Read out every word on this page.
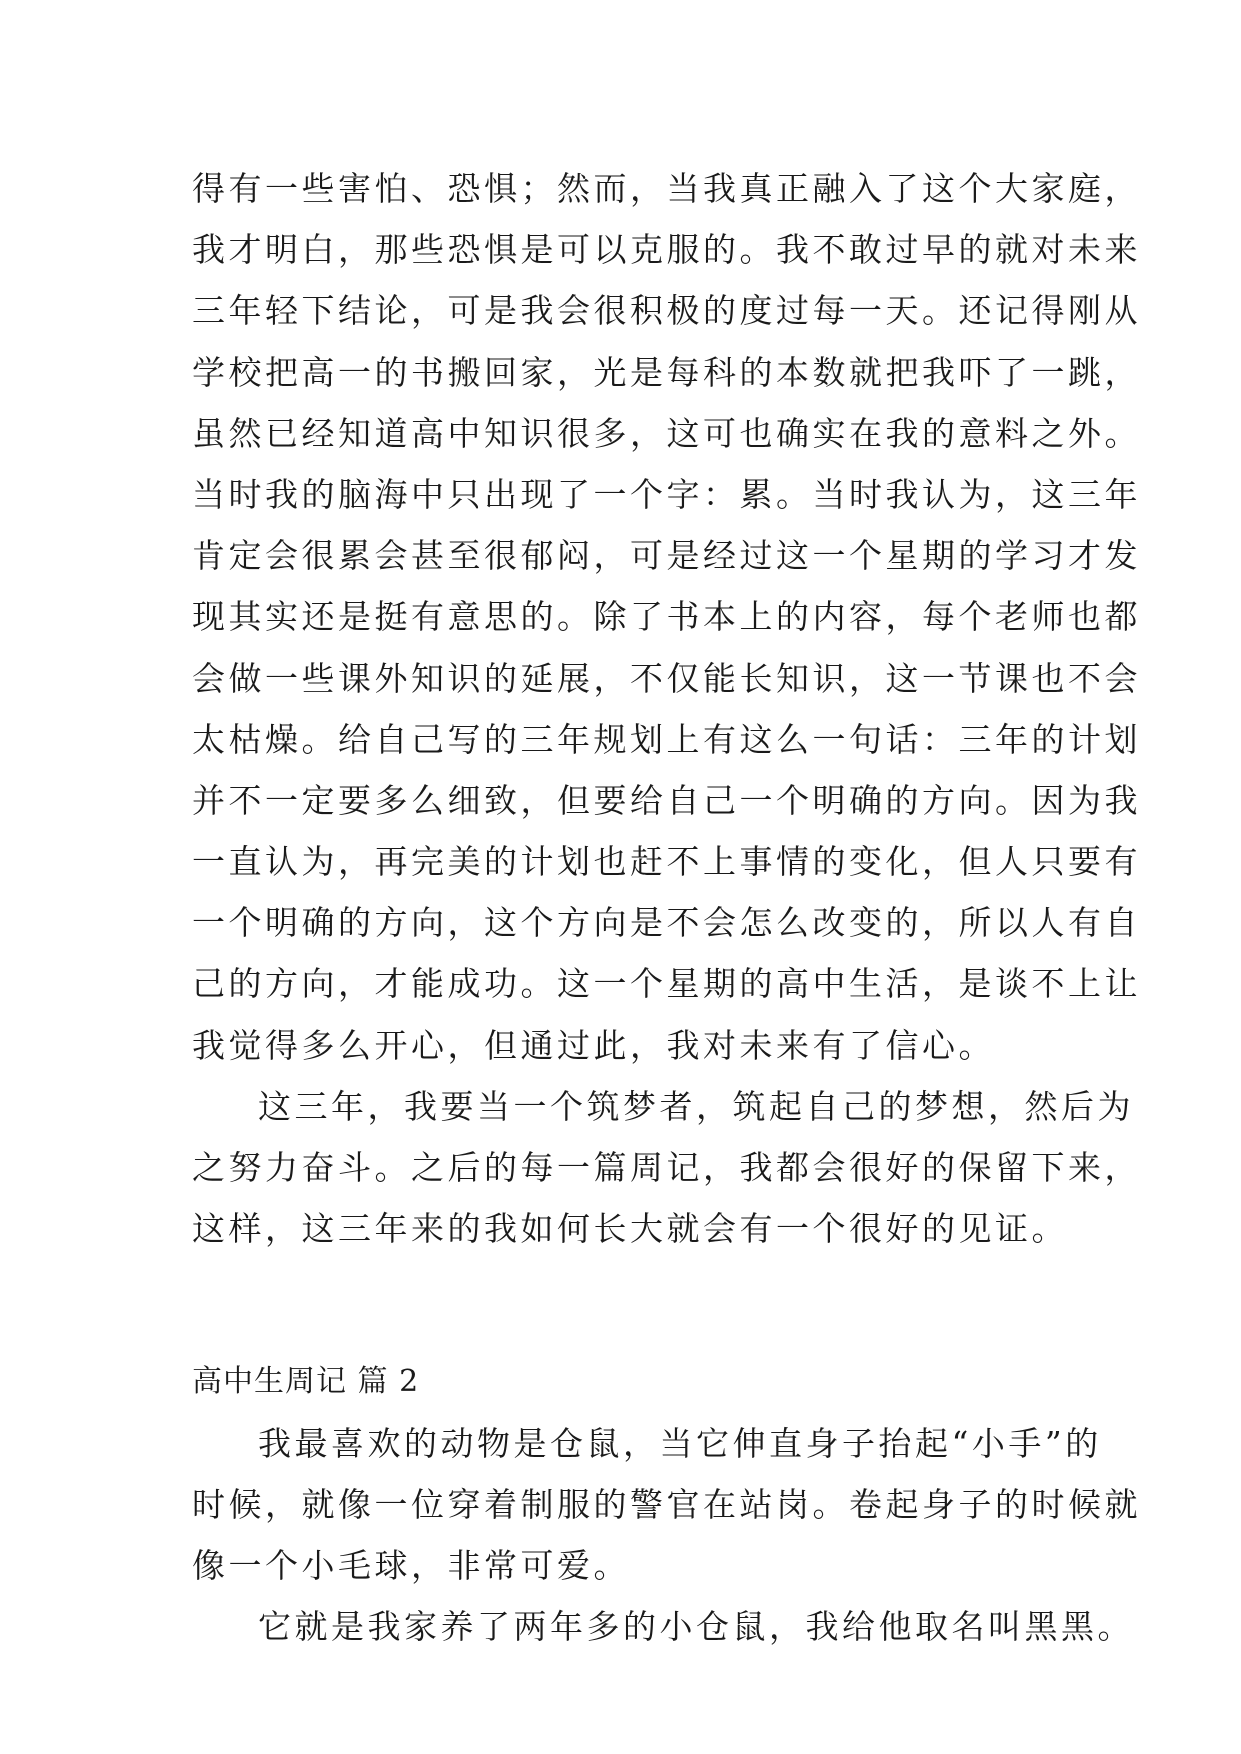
得有一些害怕、恐惧；然而，当我真正融入了这个大家庭，
我才明白，那些恐惧是可以克服的。我不敢过早的就对未来
三年轻下结论，可是我会很积极的度过每一天。还记得刚从
学校把高一的书搬回家，光是每科的本数就把我吓了一跳，
虽然已经知道高中知识很多，这可也确实在我的意料之外。
当时我的脑海中只出现了一个字：累。当时我认为，这三年
肯定会很累会甚至很郁闷，可是经过这一个星期的学习才发
现其实还是挺有意思的。除了书本上的内容，每个老师也都
会做一些课外知识的延展，不仅能长知识，这一节课也不会
太枯燥。给自己写的三年规划上有这么一句话：三年的计划
并不一定要多么细致，但要给自己一个明确的方向。因为我
一直认为，再完美的计划也赶不上事情的变化，但人只要有
一个明确的方向，这个方向是不会怎么改变的，所以人有自
己的方向，才能成功。这一个星期的高中生活，是谈不上让
我觉得多么开心，但通过此，我对未来有了信心。
这三年，我要当一个筑梦者，筑起自己的梦想，然后为
之努力奋斗。之后的每一篇周记，我都会很好的保留下来，
这样，这三年来的我如何长大就会有一个很好的见证。
高中生周记 篇 2
我最喜欢的动物是仓鼠，当它伸直身子抬起“小手”的
时候，就像一位穿着制服的警官在站岗。卷起身子的时候就
像一个小毛球，非常可爱。
它就是我家养了两年多的小仓鼠，我给他取名叫黑黑。
